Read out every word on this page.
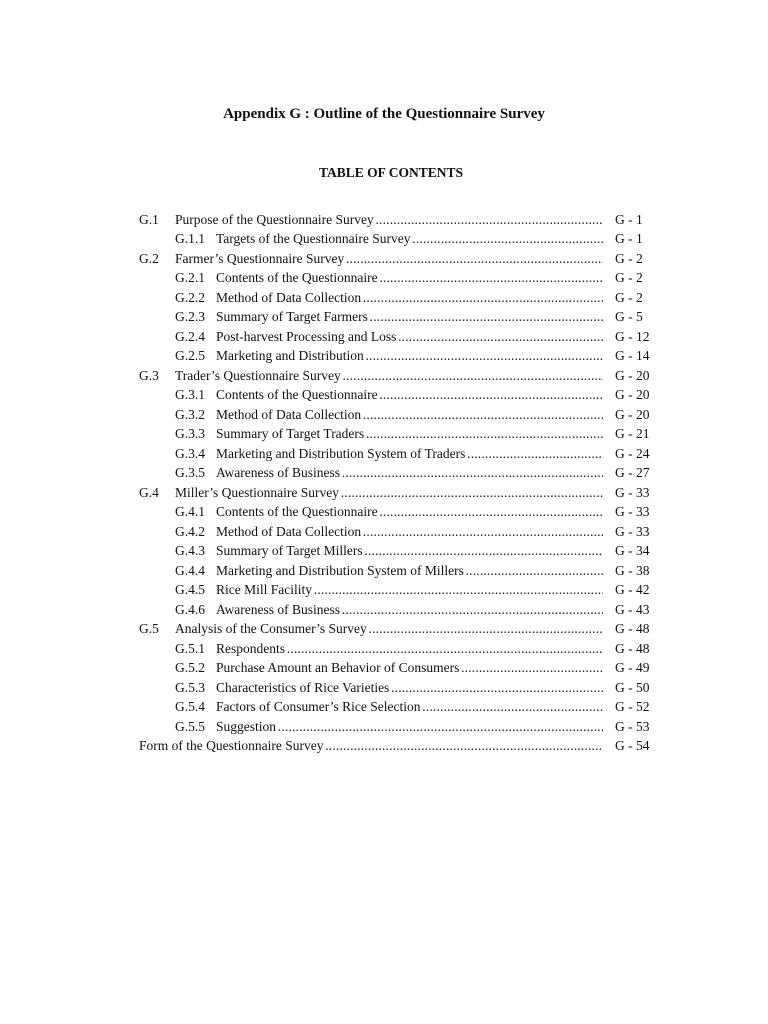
Appendix G : Outline of the Questionnaire Survey
TABLE OF CONTENTS
G.1 Purpose of the Questionnaire Survey . . .	G - 1
G.1.1 Targets of the Questionnaire Survey . . .	G - 1
G.2 Farmer’s Questionnaire Survey . . .	G - 2
G.2.1 Contents of the Questionnaire . . .	G - 2
G.2.2 Method of Data Collection . . .	G - 2
G.2.3 Summary of Target Farmers . . .	G - 5
G.2.4 Post-harvest Processing and Loss . . .	G - 12
G.2.5 Marketing and Distribution . . .	G - 14
G.3 Trader’s Questionnaire Survey . . .	G - 20
G.3.1 Contents of the Questionnaire . . .	G - 20
G.3.2 Method of Data Collection . . .	G - 20
G.3.3 Summary of Target Traders . . .	G - 21
G.3.4 Marketing and Distribution System of Traders . . .	G - 24
G.3.5 Awareness of Business . . .	G - 27
G.4 Miller’s Questionnaire Survey . . .	G - 33
G.4.1 Contents of the Questionnaire . . .	G - 33
G.4.2 Method of Data Collection . . .	G - 33
G.4.3 Summary of Target Millers . . .	G - 34
G.4.4 Marketing and Distribution System of Millers . . .	G - 38
G.4.5 Rice Mill Facility . . .	G - 42
G.4.6 Awareness of Business . . .	G - 43
G.5 Analysis of the Consumer’s Survey . . .	G - 48
G.5.1 Respondents . . .	G - 48
G.5.2 Purchase Amount an Behavior of Consumers . . .	G - 49
G.5.3 Characteristics of Rice Varieties . . .	G - 50
G.5.4 Factors of Consumer’s Rice Selection . . .	G - 52
G.5.5 Suggestion . . .	G - 53
Form of the Questionnaire Survey . . .	G - 54
